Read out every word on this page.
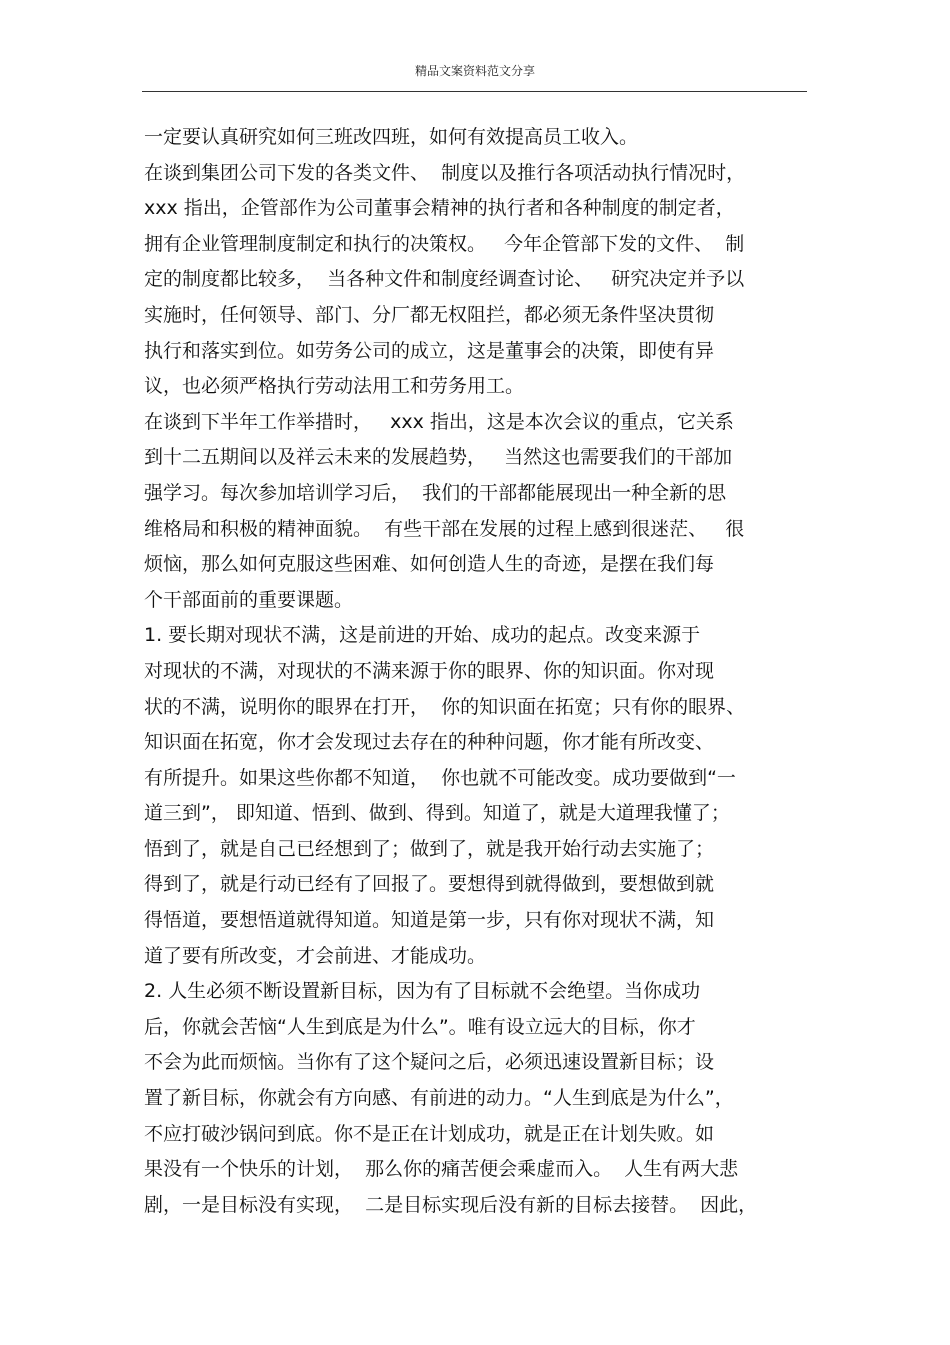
精品文案资料范文分享
一定要认真研究如何三班改四班，如何有效提高员工收入。
在谈到集团公司下发的各类文件、  制度以及推行各项活动执行情况时，
xxx 指出，企管部作为公司董事会精神的执行者和各种制度的制定者，
拥有企业管理制度制定和执行的决策权。   今年企管部下发的文件、  制
定的制度都比较多，  当各种文件和制度经调查讨论、   研究决定并予以
实施时，任何领导、部门、分厂都无权阻拦，都必须无条件坚决贯彻
执行和落实到位。如劳务公司的成立，这是董事会的决策，即使有异
议，也必须严格执行劳动法用工和劳务用工。
在谈到下半年工作举措时，   xxx 指出，这是本次会议的重点，它关系
到十二五期间以及祥云未来的发展趋势，   当然这也需要我们的干部加
强学习。每次参加培训学习后，  我们的干部都能展现出一种全新的思
维格局和积极的精神面貌。  有些干部在发展的过程上感到很迷茫、   很
烦恼，那么如何克服这些困难、如何创造人生的奇迹，是摆在我们每
个干部面前的重要课题。
1. 要长期对现状不满，这是前进的开始、成功的起点。改变来源于
对现状的不满，对现状的不满来源于你的眼界、你的知识面。你对现
状的不满，说明你的眼界在打开，  你的知识面在拓宽；只有你的眼界、
知识面在拓宽，你才会发现过去存在的种种问题，你才能有所改变、
有所提升。如果这些你都不知道，  你也就不可能改变。成功要做到“一
道三到”， 即知道、悟到、做到、得到。知道了，就是大道理我懂了；
悟到了，就是自己已经想到了；做到了，就是我开始行动去实施了；
得到了，就是行动已经有了回报了。要想得到就得做到，要想做到就
得悟道，要想悟道就得知道。知道是第一步，只有你对现状不满，知
道了要有所改变，才会前进、才能成功。
2. 人生必须不断设置新目标，因为有了目标就不会绝望。当你成功
后，你就会苦恼“人生到底是为什么”。唯有设立远大的目标，你才
不会为此而烦恼。当你有了这个疑问之后，必须迅速设置新目标；设
置了新目标，你就会有方向感、有前进的动力。“人生到底是为什么”，
不应打破沙锅问到底。你不是正在计划成功，就是正在计划失败。如
果没有一个快乐的计划，  那么你的痛苦便会乘虚而入。  人生有两大悲
剧，一是目标没有实现，  二是目标实现后没有新的目标去接替。  因此，
